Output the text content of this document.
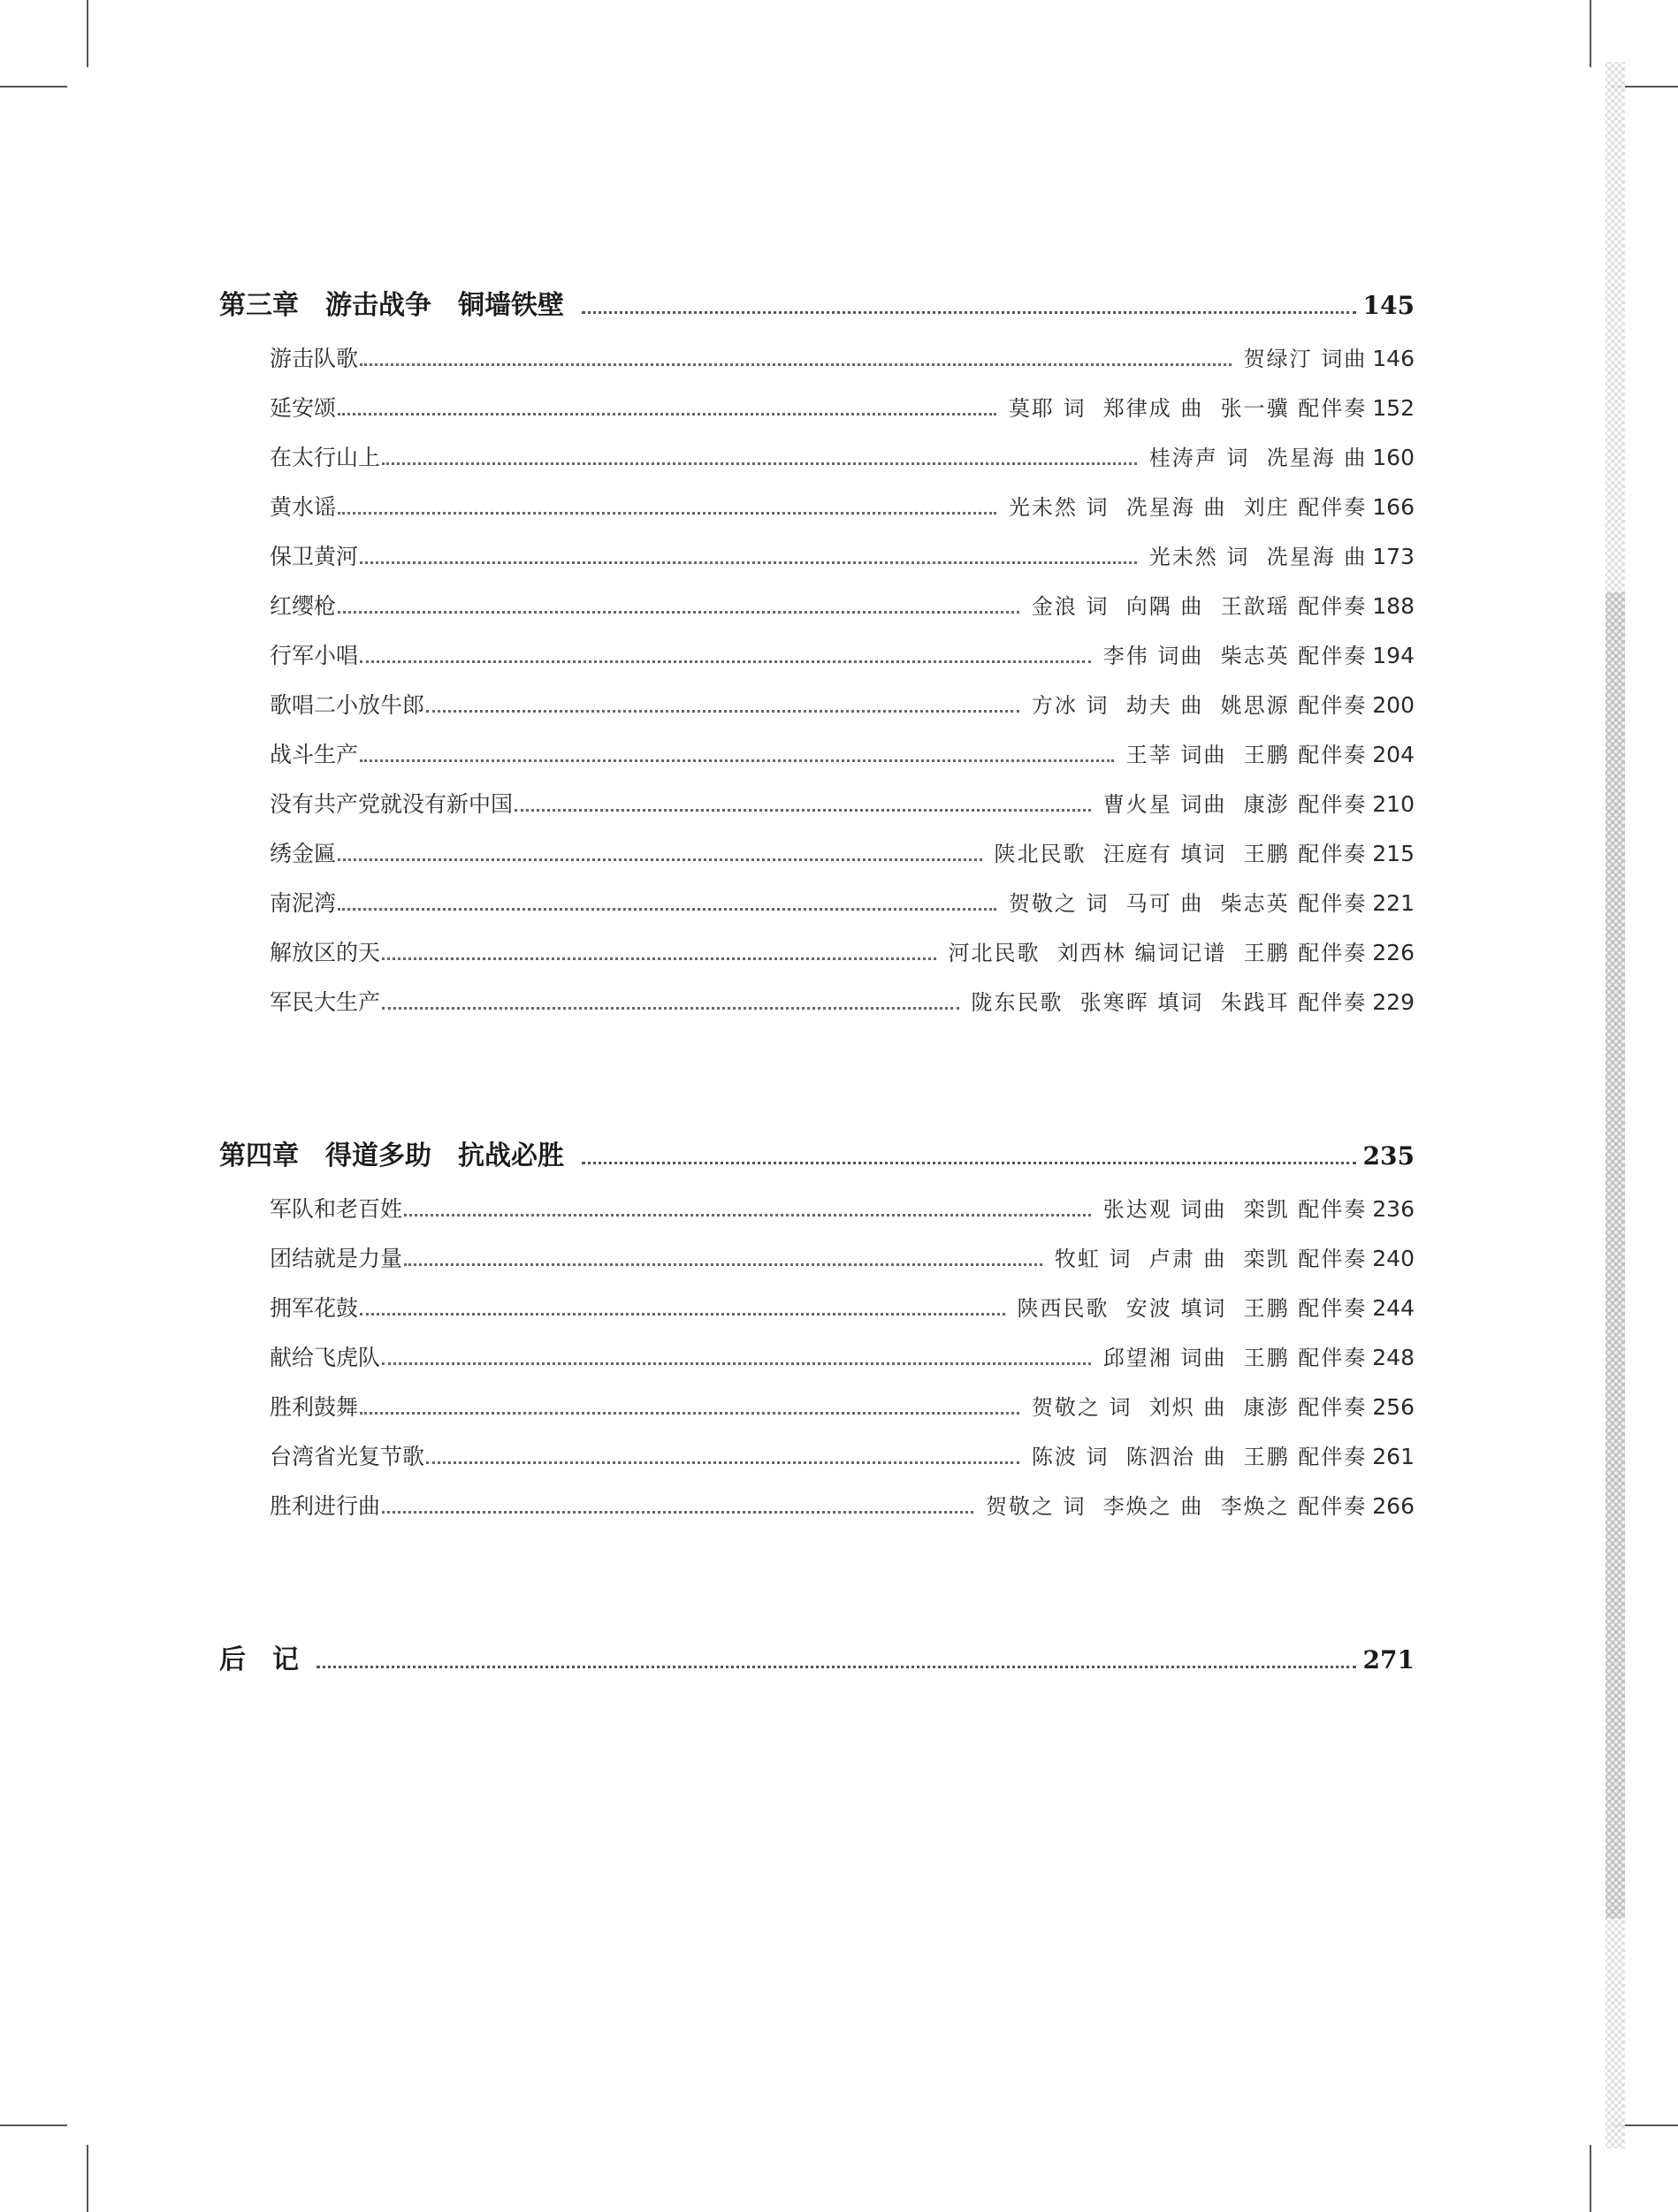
第三章 游击战争　铜墙铁壁	145
游击队歌	贺绿汀 词曲 146
延安颂	莫耶 词  郑律成 曲  张一骥 配伴奏 152
在太行山上	桂涛声 词  冼星海 曲 160
黄水谣	光未然 词  冼星海 曲  刘庄 配伴奏 166
保卫黄河	光未然 词  冼星海 曲 173
红缨枪	金浪 词  向隅 曲  王歆瑶 配伴奏 188
行军小唱	李伟 词曲  柴志英 配伴奏 194
歌唱二小放牛郎	方冰 词  劫夫 曲  姚思源 配伴奏 200
战斗生产	王莘 词曲  王鹏 配伴奏 204
没有共产党就没有新中国	曹火星 词曲  康澎 配伴奏 210
绣金匾	陕北民歌  汪庭有 填词  王鹏 配伴奏 215
南泥湾	贺敬之 词  马可 曲  柴志英 配伴奏 221
解放区的天	河北民歌  刘西林 编词记谱  王鹏 配伴奏 226
军民大生产	陇东民歌  张寒晖 填词  朱践耳 配伴奏 229
第四章 得道多助　抗战必胜	235
军队和老百姓	张达观 词曲  栾凯 配伴奏 236
团结就是力量	牧虹 词  卢肃 曲  栾凯 配伴奏 240
拥军花鼓	陕西民歌  安波 填词  王鹏 配伴奏 244
献给飞虎队	邱望湘 词曲  王鹏 配伴奏 248
胜利鼓舞	贺敬之 词  刘炽 曲  康澎 配伴奏 256
台湾省光复节歌	陈波 词  陈泗治 曲  王鹏 配伴奏 261
胜利进行曲	贺敬之 词  李焕之 曲  李焕之 配伴奏 266
后　记	271
